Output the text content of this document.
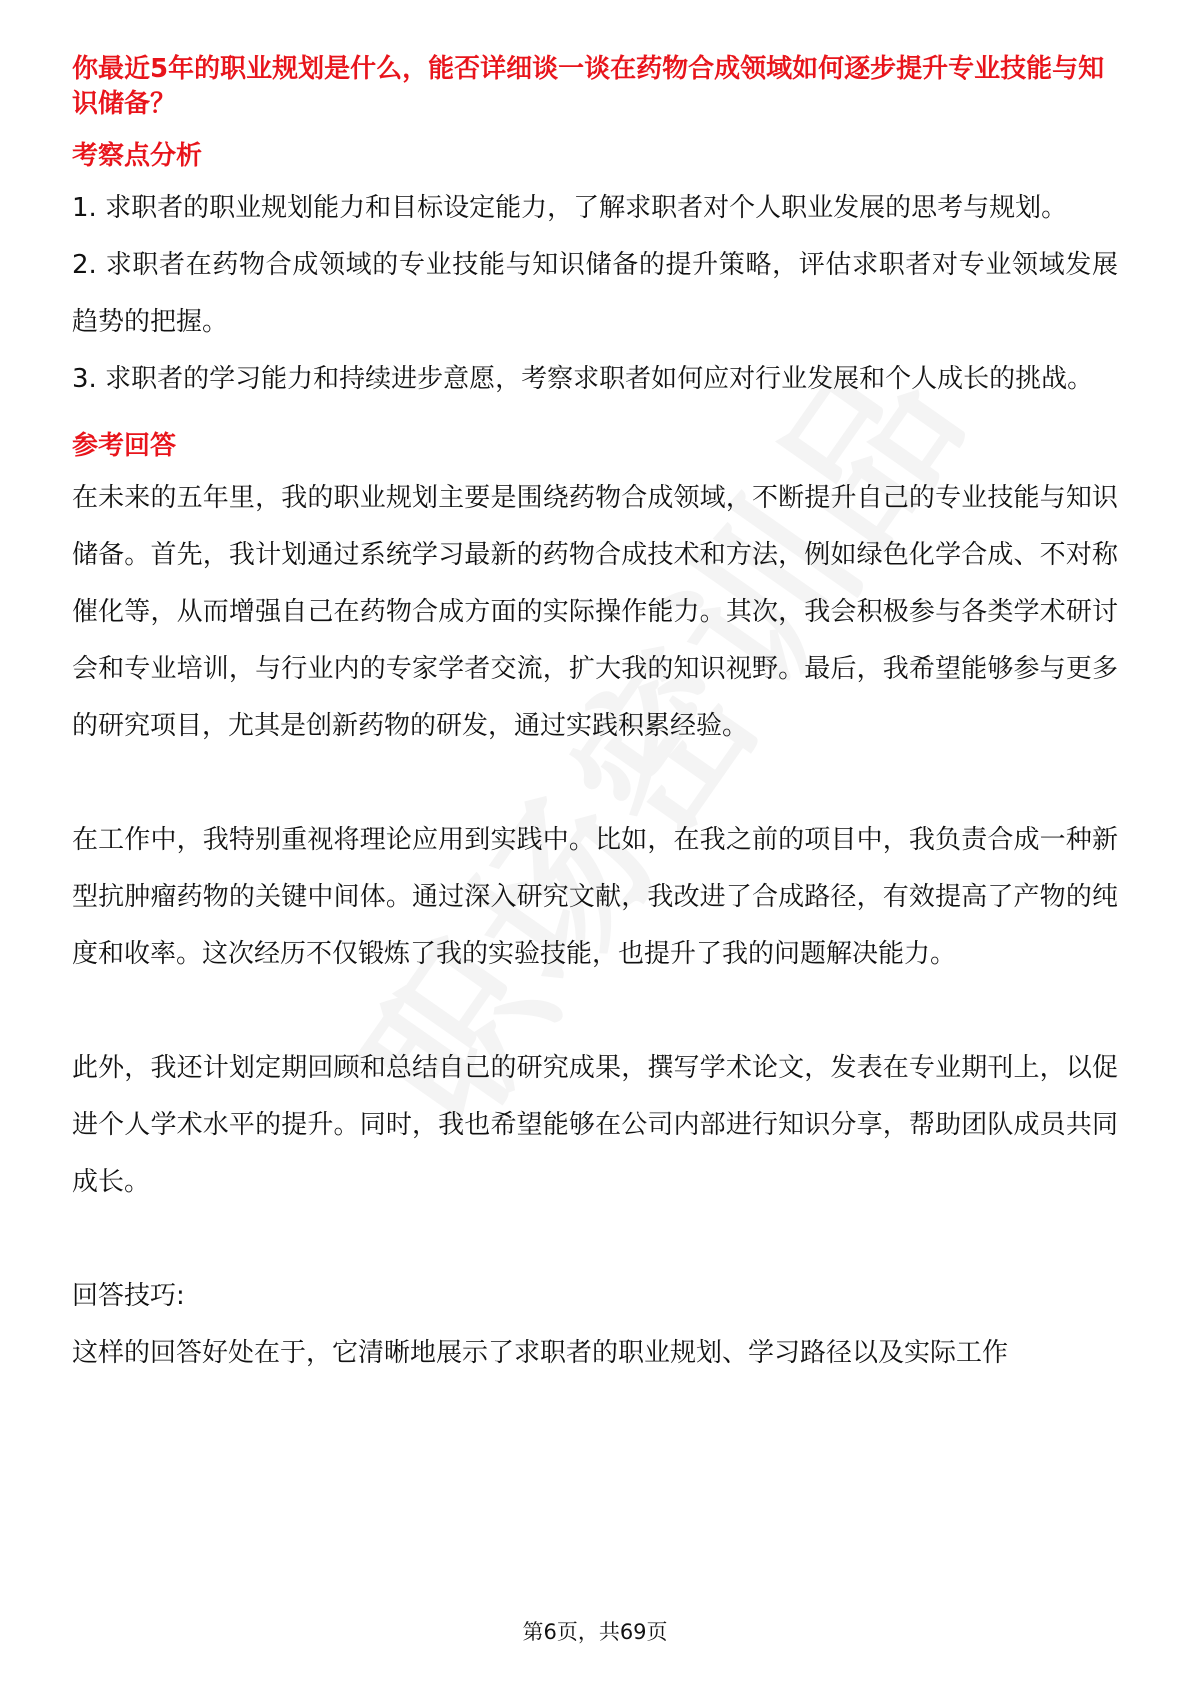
你最近5年的职业规划是什么，能否详细谈一谈在药物合成领域如何逐步提升专业技能与知识储备？

考察点分析

1. 求职者的职业规划能力和目标设定能力，了解求职者对个人职业发展的思考与规划。

2. 求职者在药物合成领域的专业技能与知识储备的提升策略，评估求职者对专业领域发展趋势的把握。

3. 求职者的学习能力和持续进步意愿，考察求职者如何应对行业发展和个人成长的挑战。

参考回答

在未来的五年里，我的职业规划主要是围绕药物合成领域，不断提升自己的专业技能与知识储备。首先，我计划通过系统学习最新的药物合成技术和方法，例如绿色化学合成、不对称催化等，从而增强自己在药物合成方面的实际操作能力。其次，我会积极参与各类学术研讨会和专业培训，与行业内的专家学者交流，扩大我的知识视野。最后，我希望能够参与更多的研究项目，尤其是创新药物的研发，通过实践积累经验。

在工作中，我特别重视将理论应用到实践中。比如，在我之前的项目中，我负责合成一种新型抗肿瘤药物的关键中间体。通过深入研究文献，我改进了合成路径，有效提高了产物的纯度和收率。这次经历不仅锻炼了我的实验技能，也提升了我的问题解决能力。

此外，我还计划定期回顾和总结自己的研究成果，撰写学术论文，发表在专业期刊上，以促进个人学术水平的提升。同时，我也希望能够在公司内部进行知识分享，帮助团队成员共同成长。

回答技巧:

这样的回答好处在于，它清晰地展示了求职者的职业规划、学习路径以及实际工作

第6页，共69页
